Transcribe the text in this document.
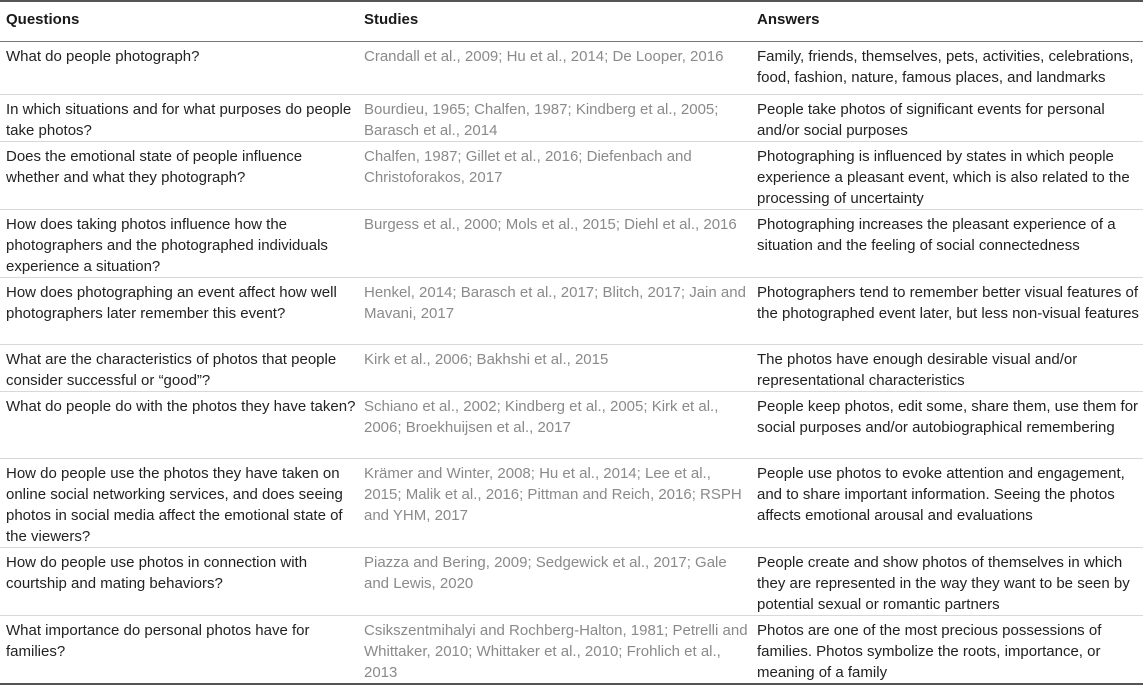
Questions	Studies	Answers
What do people photograph?	Crandall et al., 2009; Hu et al., 2014; De Looper, 2016	Family, friends, themselves, pets, activities, celebrations, food, fashion, nature, famous places, and landmarks
In which situations and for what purposes do people take photos?	Bourdieu, 1965; Chalfen, 1987; Kindberg et al., 2005; Barasch et al., 2014	People take photos of significant events for personal and/or social purposes
Does the emotional state of people influence whether and what they photograph?	Chalfen, 1987; Gillet et al., 2016; Diefenbach and Christoforakos, 2017	Photographing is influenced by states in which people experience a pleasant event, which is also related to the processing of uncertainty
How does taking photos influence how the photographers and the photographed individuals experience a situation?	Burgess et al., 2000; Mols et al., 2015; Diehl et al., 2016	Photographing increases the pleasant experience of a situation and the feeling of social connectedness
How does photographing an event affect how well photographers later remember this event?	Henkel, 2014; Barasch et al., 2017; Blitch, 2017; Jain and Mavani, 2017	Photographers tend to remember better visual features of the photographed event later, but less non-visual features
What are the characteristics of photos that people consider successful or “good”?	Kirk et al., 2006; Bakhshi et al., 2015	The photos have enough desirable visual and/or representational characteristics
What do people do with the photos they have taken?	Schiano et al., 2002; Kindberg et al., 2005; Kirk et al., 2006; Broekhuijsen et al., 2017	People keep photos, edit some, share them, use them for social purposes and/or autobiographical remembering
How do people use the photos they have taken on online social networking services, and does seeing photos in social media affect the emotional state of the viewers?	Krämer and Winter, 2008; Hu et al., 2014; Lee et al., 2015; Malik et al., 2016; Pittman and Reich, 2016; RSPH and YHM, 2017	People use photos to evoke attention and engagement, and to share important information. Seeing the photos affects emotional arousal and evaluations
How do people use photos in connection with courtship and mating behaviors?	Piazza and Bering, 2009; Sedgewick et al., 2017; Gale and Lewis, 2020	People create and show photos of themselves in which they are represented in the way they want to be seen by potential sexual or romantic partners
What importance do personal photos have for families?	Csikszentmihalyi and Rochberg-Halton, 1981; Petrelli and Whittaker, 2010; Whittaker et al., 2010; Frohlich et al., 2013	Photos are one of the most precious possessions of families. Photos symbolize the roots, importance, or meaning of a family
